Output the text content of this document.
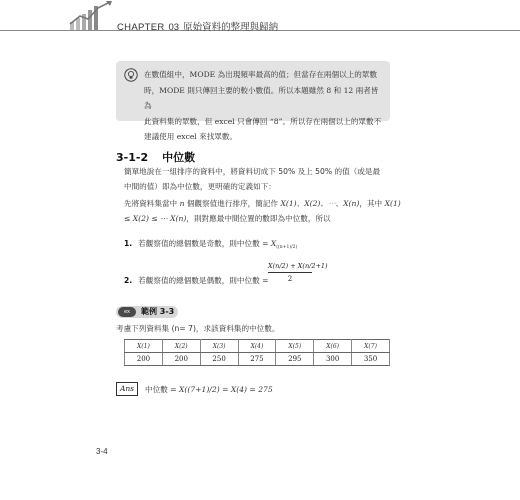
CHAPTER 03 原始資料的整理與歸納
在數值組中，MODE 為出現頻率最高的值；但當存在兩個以上的眾數
時，MODE 則只傳回主要的較小數值。所以本題雖然 8 和 12 兩者皆為
此資料集的眾數，但 excel 只會傳回 “8”。所以存在兩個以上的眾數不
建議使用 excel 來找眾數。
3-1-2 中位數
簡單地說在一組排序的資料中，將資料切成下 50% 及上 50% 的值（或是最
中間的值）即為中位數，更明確的定義如下：
先將資料集當中 n 個觀察值進行排序，簡記作 X(1)、X(2)、⋯、X(n)，其中 X(1)
≤ X(2) ≤ ⋯ X(n)，則對應最中間位置的數即為中位數，所以
1. 若觀察值的總個數是奇數，則中位數 = $X_{((n+1)/2)}$
2. 若觀察值的總個數是偶數，則中位數 =
X(n/2) + X(n/2+1)
2
ex	範例 3-3
考慮下列資料集 (n= 7)，求該資料集的中位數。
X(1)	X(2)	X(3)	X(4)	X(5)	X(6)	X(7)
200	200	250	275	295	300	350
Ans	中位數 = X((7+1)/2) = X(4) = 275
3-4
